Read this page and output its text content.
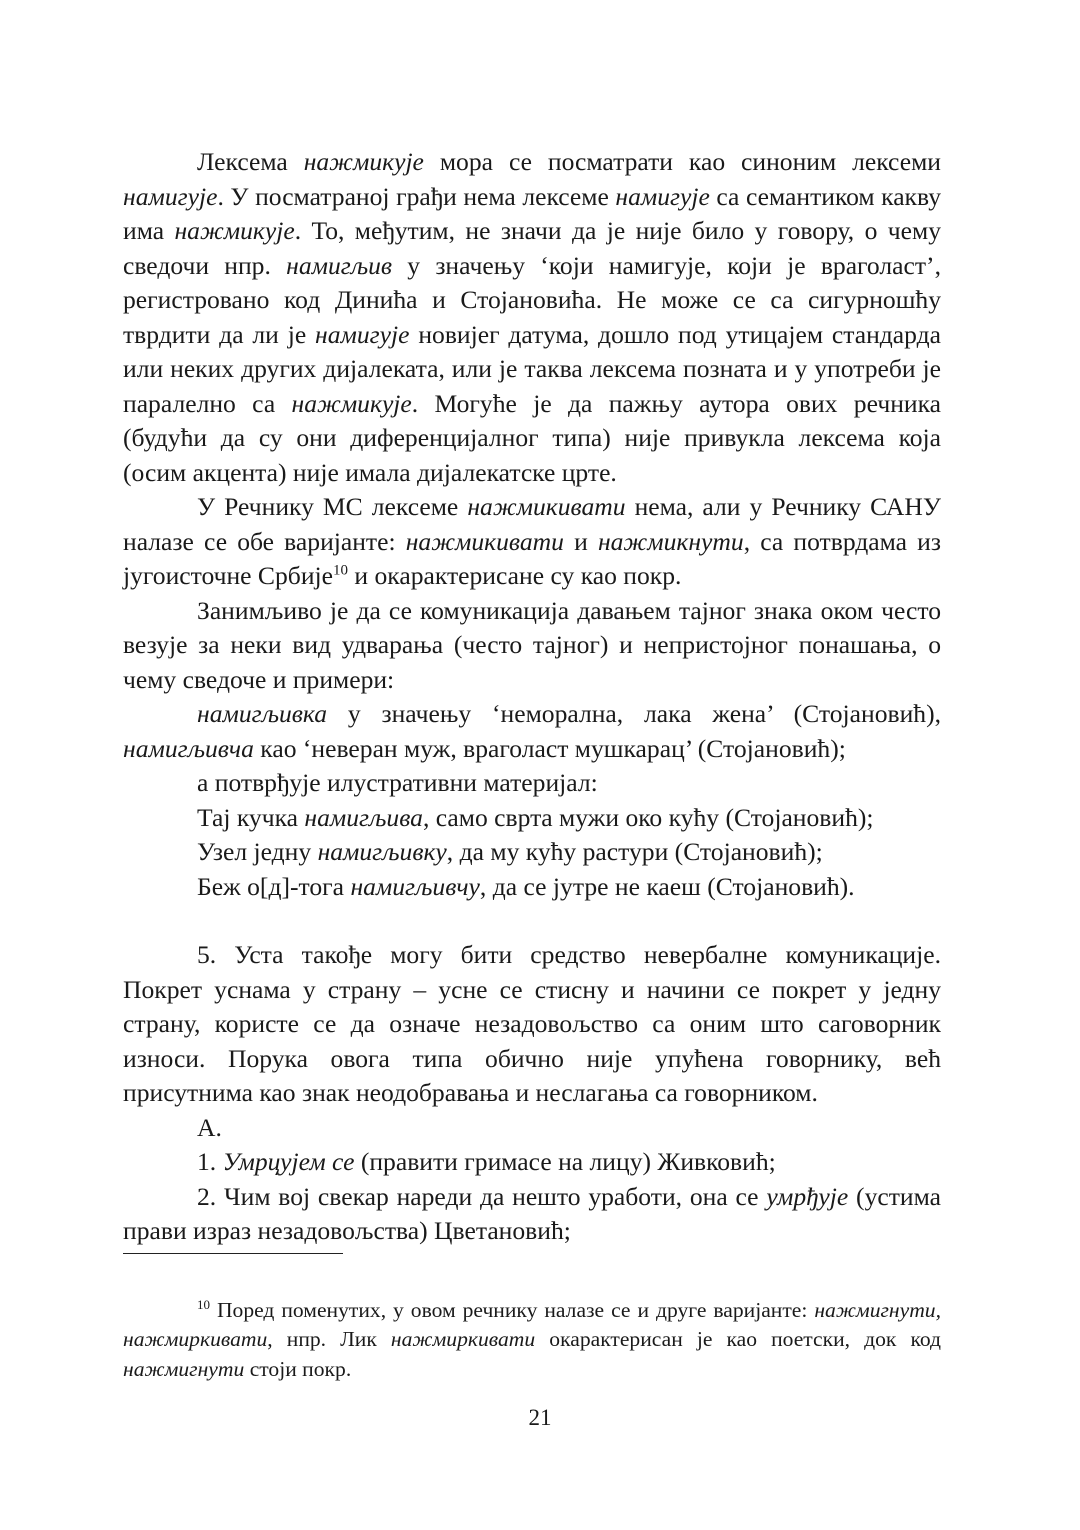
Лексема нажмикује мора се посматрати као синоним лексеми намигује. У посматраној грађи нема лексеме намигује са семантиком какву има нажмикује. То, међутим, не значи да је није било у говору, о чему сведочи нпр. намигљив у значењу ‘који намигује, који је враголаст’, регистровано код Динића и Стојановића. Не може се са сигурношћу тврдити да ли је намигује новијег датума, дошло под утицајем стандарда или неких других дијалеката, или је таква лексема позната и у употреби је паралелно са нажмикује. Могуће је да пажњу аутора ових речника (будући да су они диференцијалног типа) није привукла лексема која (осим акцента) није имала дијалекатске црте.

У Речнику МС лексеме нажмикивати нема, али у Речнику САНУ налазе се обе варијанте: нажмикивати и нажмикнути, са потврдама из југоисточне Србије$^{10}$ и окарактерисане су као покр.

Занимљиво је да се комуникација давањем тајног знака оком често везује за неки вид удварања (често тајног) и непристојног понашања, о чему сведоче и примери:

намигљивка у значењу ‘неморална, лака жена’ (Стојановић), намигљивча као ‘неверан муж, враголаст мушкарац’ (Стојановић);

а потврђује илустративни материјал:

Тај кучка намигљива, само свртa мужи око кућу (Стојановић);

Узел једну намигљивку, да му кућу растури (Стојановић);

Беж о[д]-тога намигљивчу, да се јутре не каеш (Стојановић).

5. Уста такође могу бити средство невербалне комуникације. Покрет уснама у страну – усне се стисну и начини се покрет у једну страну, користе се да означе незадовољство са оним што саговорник износи. Порука овога типа обично није упућена говорнику, већ присутнима као знак неодобравања и неслагања са говорником.

А.

1. Умрцујем се (правити гримасе на лицу) Живковић;

2. Чим вој свекар нареди да нешто уработи, она се умрђује (устима прави израз незадовољства) Цветановић;

$^{10}$ Поред поменутих, у овом речнику налазе се и друге варијанте: нажмигнути, нажмиркивати, нпр. Лик нажмиркивати окарактерисан је као поетски, док код нажмигнути стоји покр.

21
